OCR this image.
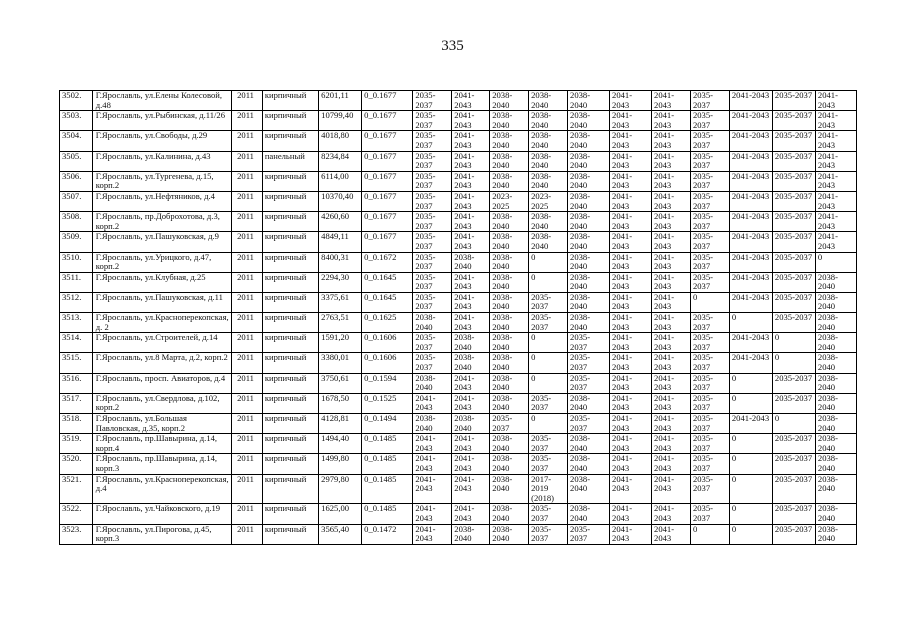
335
3502.	Г.Ярославль, ул.Елены Колесовой, д.48	2011	кирпичный	6201,11	0_0.1677	2035-2037	2041-2043	2038-2040	2038-2040	2038-2040	2041-2043	2041-2043	2035-2037	2041-2043	2035-2037	2041-2043
3503.	Г.Ярославль, ул.Рыбинская, д.11/26	2011	кирпичный	10799,40	0_0.1677	2035-2037	2041-2043	2038-2040	2038-2040	2038-2040	2041-2043	2041-2043	2035-2037	2041-2043	2035-2037	2041-2043
3504.	Г.Ярославль, ул.Свободы, д.29	2011	кирпичный	4018,80	0_0.1677	2035-2037	2041-2043	2038-2040	2038-2040	2038-2040	2041-2043	2041-2043	2035-2037	2041-2043	2035-2037	2041-2043
3505.	Г.Ярославль, ул.Калинина, д.43	2011	панельный	8234,84	0_0.1677	2035-2037	2041-2043	2038-2040	2038-2040	2038-2040	2041-2043	2041-2043	2035-2037	2041-2043	2035-2037	2041-2043
3506.	Г.Ярославль, ул.Тургенева, д.15, корп.2	2011	кирпичный	6114,00	0_0.1677	2035-2037	2041-2043	2038-2040	2038-2040	2038-2040	2041-2043	2041-2043	2035-2037	2041-2043	2035-2037	2041-2043
3507.	Г.Ярославль, ул.Нефтяников, д.4	2011	кирпичный	10370,40	0_0.1677	2035-2037	2041-2043	2023-2025	2023-2025	2038-2040	2041-2043	2041-2043	2035-2037	2041-2043	2035-2037	2041-2043
3508.	Г.Ярославль, пр.Доброхотова, д.3, корп.2	2011	кирпичный	4260,60	0_0.1677	2035-2037	2041-2043	2038-2040	2038-2040	2038-2040	2041-2043	2041-2043	2035-2037	2041-2043	2035-2037	2041-2043
3509.	Г.Ярославль, ул.Пашуковская, д.9	2011	кирпичный	4849,11	0_0.1677	2035-2037	2041-2043	2038-2040	2038-2040	2038-2040	2041-2043	2041-2043	2035-2037	2041-2043	2035-2037	2041-2043
3510.	Г.Ярославль, ул.Урицкого, д.47, корп.2	2011	кирпичный	8400,31	0_0.1672	2035-2037	2038-2040	2038-2040	0	2038-2040	2041-2043	2041-2043	2035-2037	2041-2043	2035-2037	0
3511.	Г.Ярославль, ул.Клубная, д.25	2011	кирпичный	2294,30	0_0.1645	2035-2037	2041-2043	2038-2040	0	2038-2040	2041-2043	2041-2043	2035-2037	2041-2043	2035-2037	2038-2040
3512.	Г.Ярославль, ул.Пашуковская, д.11	2011	кирпичный	3375,61	0_0.1645	2035-2037	2041-2043	2038-2040	2035-2037	2038-2040	2041-2043	2041-2043	0	2041-2043	2035-2037	2038-2040
3513.	Г.Ярославль, ул.Красноперекопская, д. 2	2011	кирпичный	2763,51	0_0.1625	2038-2040	2041-2043	2038-2040	2035-2037	2038-2040	2041-2043	2041-2043	2035-2037	0	2035-2037	2038-2040
3514.	Г.Ярославль, ул.Строителей, д.14	2011	кирпичный	1591,20	0_0.1606	2035-2037	2038-2040	2038-2040	0	2035-2037	2041-2043	2041-2043	2035-2037	2041-2043	0	2038-2040
3515.	Г.Ярославль, ул.8 Марта, д.2, корп.2	2011	кирпичный	3380,01	0_0.1606	2035-2037	2038-2040	2038-2040	0	2035-2037	2041-2043	2041-2043	2035-2037	2041-2043	0	2038-2040
3516.	Г.Ярославль, просп. Авиаторов, д.4	2011	кирпичный	3750,61	0_0.1594	2038-2040	2041-2043	2038-2040	0	2035-2037	2041-2043	2041-2043	2035-2037	0	2035-2037	2038-2040
3517.	Г.Ярославль, ул.Свердлова, д.102, корп.2	2011	кирпичный	1678,50	0_0.1525	2041-2043	2041-2043	2038-2040	2035-2037	2038-2040	2041-2043	2041-2043	2035-2037	0	2035-2037	2038-2040
3518.	Г.Ярославль, ул.Большая Павловская, д.35, корп.2	2011	кирпичный	4128,81	0_0.1494	2038-2040	2038-2040	2035-2037	0	2035-2037	2041-2043	2041-2043	2035-2037	2041-2043	0	2038-2040
3519.	Г.Ярославль, пр.Шавырина, д.14, корп.4	2011	кирпичный	1494,40	0_0.1485	2041-2043	2041-2043	2038-2040	2035-2037	2038-2040	2041-2043	2041-2043	2035-2037	0	2035-2037	2038-2040
3520.	Г.Ярославль, пр.Шавырина, д.14, корп.3	2011	кирпичный	1499,80	0_0.1485	2041-2043	2041-2043	2038-2040	2035-2037	2038-2040	2041-2043	2041-2043	2035-2037	0	2035-2037	2038-2040
3521.	Г.Ярославль, ул.Красноперекопская, д.4	2011	кирпичный	2979,80	0_0.1485	2041-2043	2041-2043	2038-2040	2017-2019 (2018)	2038-2040	2041-2043	2041-2043	2035-2037	0	2035-2037	2038-2040
3522.	Г.Ярославль, ул.Чайковского, д.19	2011	кирпичный	1625,00	0_0.1485	2041-2043	2041-2043	2038-2040	2035-2037	2038-2040	2041-2043	2041-2043	2035-2037	0	2035-2037	2038-2040
3523.	Г.Ярославль, ул.Пирогова, д.45, корп.3	2011	кирпичный	3565,40	0_0.1472	2041-2043	2038-2040	2038-2040	2035-2037	2035-2037	2041-2043	2041-2043	0	0	2035-2037	2038-2040
